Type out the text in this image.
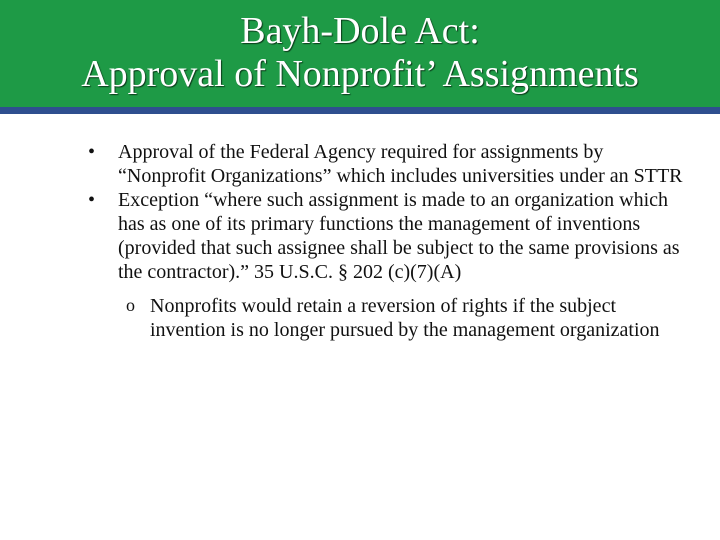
Bayh-Dole Act:
Approval of Nonprofit’ Assignments
•	Approval of the Federal Agency required for assignments by “Nonprofit Organizations” which includes universities under an STTR
•	Exception “where such assignment is made to an organization which has as one of its primary functions the management of inventions (provided that such assignee shall be subject to the same provisions as the contractor).” 35 U.S.C. § 202 (c)(7)(A)
o Nonprofits would retain a reversion of rights if the subject invention is no longer pursued by the management organization
